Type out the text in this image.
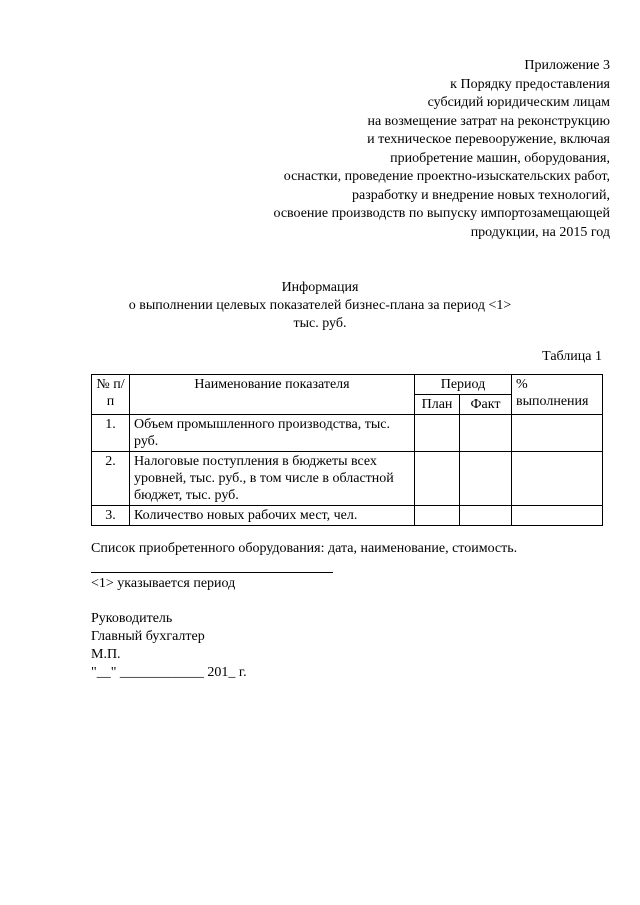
Приложение 3
к Порядку предоставления
субсидий юридическим лицам
на возмещение затрат на реконструкцию
и техническое перевооружение, включая
приобретение машин, оборудования,
оснастки, проведение проектно-изыскательских работ,
разработку и внедрение новых технологий,
освоение производств по выпуску импортозамещающей
продукции, на 2015 год
Информация
о выполнении целевых показателей бизнес-плана за период <1>
тыс. руб.
Таблица 1
№ п/п	Наименование показателя	Период		% выполнения
		План	Факт	
1.	Объем промышленного производства, тыс. руб.			
2.	Налоговые поступления в бюджеты всех уровней, тыс. руб., в том числе в областной бюджет, тыс. руб.			
3.	Количество новых рабочих мест, чел.			
Список приобретенного оборудования: дата, наименование, стоимость.
<1> указывается период
Руководитель
Главный бухгалтер
М.П.
"__" ____________ 201_ г.
